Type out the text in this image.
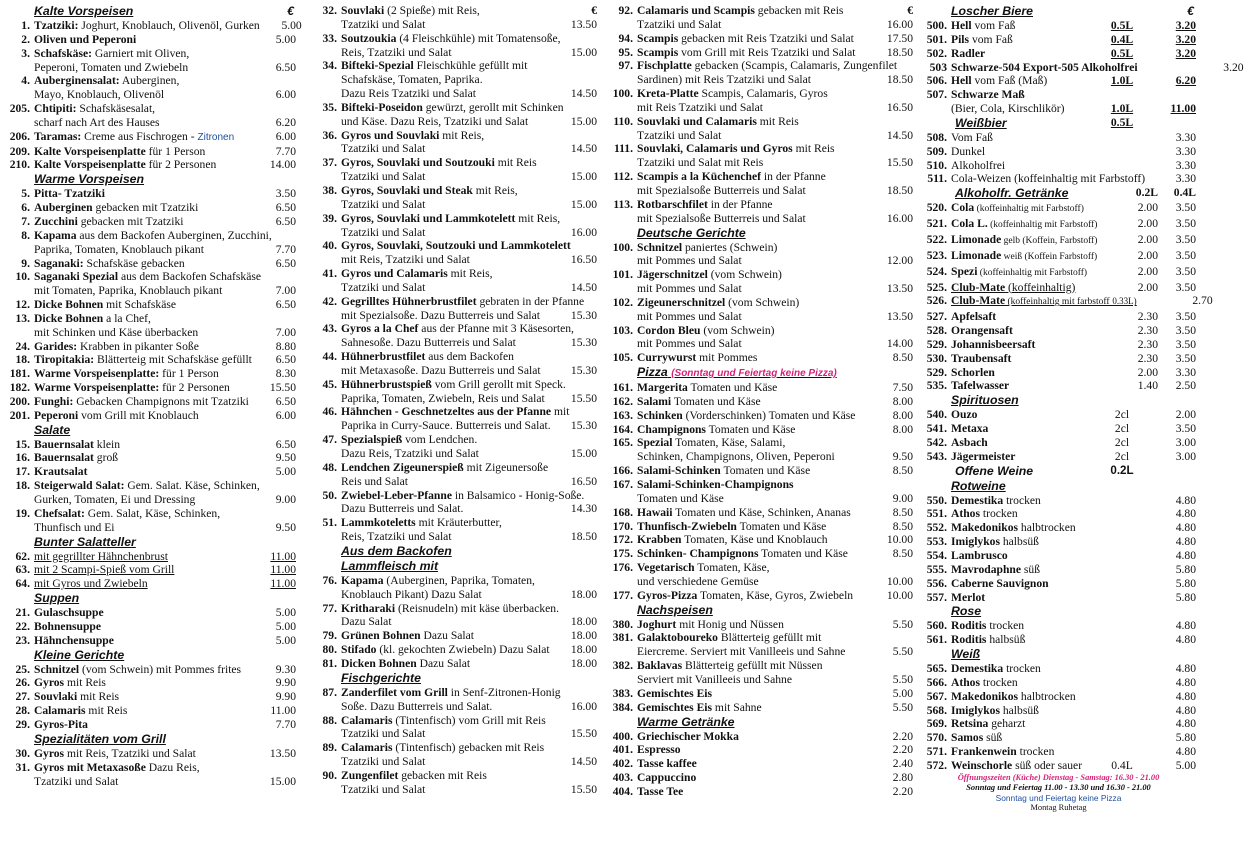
Kalte Vorspeisen	€
1. Tzatziki: Joghurt, Knoblauch, Olivenöl, Gurken	5.00
2. Oliven und Peperoni	5.00
3. Schafskäse: Garniert mit Oliven,
Peperoni, Tomaten und Zwiebeln	6.50
4. Auberginensalat: Auberginen,
Mayo, Knoblauch, Olivenöl	6.00
205. Chtipiti: Schafskäsesalat,
scharf nach Art des Hauses	6.20
206. Taramas: Creme aus Fischrogen - Zitronen	6.00
209. Kalte Vorspeisenplatte für 1 Person	7.70
210. Kalte Vorspeisenplatte für 2 Personen	14.00
Warme Vorspeisen
5. Pitta- Tzatziki	3.50
6. Auberginen gebacken mit Tzatziki	6.50
7. Zucchini gebacken mit Tzatziki	6.50
8. Kapama aus dem Backofen Auberginen, Zucchini,
Paprika, Tomaten, Knoblauch pikant	7.70
9. Saganaki: Schafskäse gebacken	6.50
10. Saganaki Spezial aus dem Backofen Schafskäse
mit Tomaten, Paprika, Knoblauch pikant	7.00
12. Dicke Bohnen mit Schafskäse	6.50
13. Dicke Bohnen a la Chef,
mit Schinken und Käse überbacken	7.00
24. Garides: Krabben in pikanter Soße	8.80
18. Tiropitakia: Blätterteig mit Schafskäse gefüllt	6.50
181. Warme Vorspeisenplatte: für 1 Person	8.30
182. Warme Vorspeisenplatte: für 2 Personen	15.50
200. Funghi: Gebacken Champignons mit Tzatziki	6.50
201. Peperoni vom Grill mit Knoblauch	6.00
Salate
15. Bauernsalat klein	6.50
16. Bauernsalat groß	9.50
17. Krautsalat	5.00
18. Steigerwald Salat: Gem. Salat. Käse, Schinken,
Gurken, Tomaten, Ei und Dressing	9.00
19. Chefsalat: Gem. Salat, Käse, Schinken,
Thunfisch und Ei	9.50
Bunter Salatteller
62. mit gegrillter Hähnchenbrust	11.00
63. mit 2 Scampi-Spieß vom Grill	11.00
64. mit Gyros und Zwiebeln	11.00
Suppen
21. Gulaschsuppe	5.00
22. Bohnensuppe	5.00
23. Hähnchensuppe	5.00
Kleine Gerichte
25. Schnitzel (vom Schwein) mit Pommes frites	9.30
26. Gyros mit Reis	9.90
27. Souvlaki mit Reis	9.90
28. Calamaris mit Reis	11.00
29. Gyros-Pita	7.70
Spezialitäten vom Grill
30. Gyros mit Reis, Tzatziki und Salat	13.50
31. Gyros mit Metaxasoße Dazu Reis,
Tzatziki und Salat	15.00
32. Souvlaki (2 Spieße) mit Reis,	€
Tzatziki und Salat	13.50
33. Soutzoukia (4 Fleischkühle) mit Tomatensoße,
Reis, Tzatziki und Salat	15.00
34. Bifteki-Spezial Fleischkühle gefüllt mit
Schafskäse, Tomaten, Paprika.
Dazu Reis Tzatziki und Salat	14.50
35. Bifteki-Poseidon gewürzt, gerollt mit Schinken
und Käse. Dazu Reis, Tzatziki und Salat	15.00
36. Gyros und Souvlaki mit Reis,
Tzatziki und Salat	14.50
37. Gyros, Souvlaki und Soutzouki mit Reis
Tzatziki und Salat	15.00
38. Gyros, Souvlaki und Steak mit Reis,
Tzatziki und Salat	15.00
39. Gyros, Souvlaki und Lammkotelett mit Reis,
Tzatziki und Salat	16.00
40. Gyros, Souvlaki, Soutzouki und Lammkotelett
mit Reis, Tzatziki und Salat	16.50
41. Gyros und Calamaris mit Reis,
Tzatziki und Salat	14.50
42. Gegrilltes Hühnerbrustfilet gebraten in der Pfanne
mit Spezialsoße. Dazu Butterreis und Salat	15.30
43. Gyros a la Chef aus der Pfanne mit 3 Käsesorten,
Sahnesoße. Dazu Butterreis und Salat	15.30
44. Hühnerbrustfilet aus dem Backofen
mit Metaxasoße. Dazu Butterreis und Salat	15.30
45. Hühnerbrustspieß vom Grill gerollt mit Speck.
Paprika, Tomaten, Zwiebeln, Reis und Salat	15.50
46. Hähnchen - Geschnetzeltes aus der Pfanne mit
Paprika in Curry-Sauce. Butterreis und Salat.	15.30
47. Spezialspieß vom Lendchen.
Dazu Reis, Tzatziki und Salat	15.00
48. Lendchen Zigeunerspieß mit Zigeunersoße
Reis und Salat	16.50
50. Zwiebel-Leber-Pfanne in Balsamico - Honig-Soße.
Dazu Butterreis und Salat.	14.30
51. Lammkoteletts mit Kräuterbutter,
Reis, Tzatziki und Salat	18.50
Aus dem Backofen
Lammfleisch mit
76. Kapama (Auberginen, Paprika, Tomaten,
Knoblauch Pikant) Dazu Salat	18.00
77. Kritharaki (Reisnudeln) mit käse überbacken.
Dazu Salat	18.00
79. Grünen Bohnen Dazu Salat	18.00
80. Stifado (kl. gekochten Zwiebeln) Dazu Salat	18.00
81. Dicken Bohnen Dazu Salat	18.00
Fischgerichte
87. Zanderfilet vom Grill in Senf-Zitronen-Honig
Soße. Dazu Butterreis und Salat.	16.00
88. Calamaris (Tintenfisch) vom Grill mit Reis
Tzatziki und Salat	15.50
89. Calamaris (Tintenfisch) gebacken mit Reis
Tzatziki und Salat	14.50
90. Zungenfilet gebacken mit Reis
Tzatziki und Salat	15.50
92. Calamaris und Scampis gebacken mit Reis	€
Tzatziki und Salat	16.00
94. Scampis gebacken mit Reis Tzatziki und Salat	17.50
95. Scampis vom Grill mit Reis Tzatziki und Salat	18.50
97. Fischplatte gebacken (Scampis, Calamaris, Zungenfilet
Sardinen) mit Reis Tzatziki und Salat	18.50
100. Kreta-Platte Scampis, Calamaris, Gyros
mit Reis Tzatziki und Salat	16.50
110. Souvlaki und Calamaris mit Reis
Tzatziki und Salat	14.50
111. Souvlaki, Calamaris und Gyros mit Reis
Tzatziki und Salat mit Reis	15.50
112. Scampis a la Küchenchef in der Pfanne
mit Spezialsoße Butterreis und Salat	18.50
113. Rotbarschfilet in der Pfanne
mit Spezialsoße Butterreis und Salat	16.00
Deutsche Gerichte
100. Schnitzel paniertes (Schwein)
mit Pommes und Salat	12.00
101. Jägerschnitzel (vom Schwein)
mit Pommes und Salat	13.50
102. Zigeunerschnitzel (vom Schwein)
mit Pommes und Salat	13.50
103. Cordon Bleu (vom Schwein)
mit Pommes und Salat	14.00
105. Currywurst mit Pommes	8.50
Pizza (Sonntag und Feiertag keine Pizza)
161. Margerita Tomaten und Käse	7.50
162. Salami Tomaten und Käse	8.00
163. Schinken (Vorderschinken) Tomaten und Käse	8.00
164. Champignons Tomaten und Käse	8.00
165. Spezial Tomaten, Käse, Salami,
Schinken, Champignons, Oliven, Peperoni	9.50
166. Salami-Schinken Tomaten und Käse	8.50
167. Salami-Schinken-Champignons
Tomaten und Käse	9.00
168. Hawaii Tomaten und Käse, Schinken, Ananas	8.50
170. Thunfisch-Zwiebeln Tomaten und Käse	8.50
172. Krabben Tomaten, Käse und Knoblauch	10.00
175. Schinken- Champignons Tomaten und Käse	8.50
176. Vegetarisch Tomaten, Käse,
und verschiedene Gemüse	10.00
177. Gyros-Pizza Tomaten, Käse, Gyros, Zwiebeln	10.00
Nachspeisen
380. Joghurt mit Honig und Nüssen	5.50
381. Galaktoboureko Blätterteig gefüllt mit
Eiercreme. Serviert mit Vanilleeis und Sahne	5.50
382. Baklavas Blätterteig gefüllt mit Nüssen
Serviert mit Vanilleeis und Sahne	5.50
383. Gemischtes Eis	5.00
384. Gemischtes Eis mit Sahne	5.50
Warme Getränke
400. Griechischer Mokka	2.20
401. Espresso	2.20
402. Tasse kaffee	2.40
403. Cappuccino	2.80
404. Tasse Tee	2.20
Loscher Biere	€
500. Hell vom Faß	0.5L	3.20
501. Pils vom Faß	0.4L	3.20
502. Radler	0.5L	3.20
503 Schwarze-504 Export-505 Alkoholfrei	3.20
506. Hell vom Faß (Maß)	1.0L	6.20
507. Schwarze Maß
(Bier, Cola, Kirschlikör)	1.0L	11.00
Weißbier	0.5L
508. Vom Faß	3.30
509. Dunkel	3.30
510. Alkoholfrei	3.30
511. Cola-Weizen (koffeinhaltig mit Farbstoff)	3.30
Alkoholfr. Getränke	0.2L	0.4L
520. Cola (koffeinhaltig mit Farbstoff)	2.00	3.50
521. Cola L. (koffeinhaltig mit Farbstoff)	2.00	3.50
522. Limonade gelb (Koffein, Farbstoff)	2.00	3.50
523. Limonade weiß (Koffein Farbstoff)	2.00	3.50
524. Spezi (koffeinhaltig mit Farbstoff)	2.00	3.50
525. Club-Mate (koffeinhaltig)	2.00	3.50
526. Club-Mate (koffeinhaltig mit farbstoff 0.33L)	2.70
527. Apfelsaft	2.30	3.50
528. Orangensaft	2.30	3.50
529. Johannisbeersaft	2.30	3.50
530. Traubensaft	2.30	3.50
529. Schorlen	2.00	3.30
535. Tafelwasser	1.40	2.50
Spirituosen
540. Ouzo	2cl	2.00
541. Metaxa	2cl	3.50
542. Asbach	2cl	3.00
543. Jägermeister	2cl	3.00
Offene Weine	0.2L
Rotweine
550. Demestika trocken	4.80
551. Athos trocken	4.80
552. Makedonikos halbtrocken	4.80
553. Imiglykos halbsüß	4.80
554. Lambrusco	4.80
555. Mavrodaphne süß	5.80
556. Caberne Sauvignon	5.80
557. Merlot	5.80
Rose
560. Roditis trocken	4.80
561. Roditis halbsüß	4.80
Weiß
565. Demestika trocken	4.80
566. Athos trocken	4.80
567. Makedonikos halbtrocken	4.80
568. Imiglykos halbsüß	4.80
569. Retsina geharzt	4.80
570. Samos süß	5.80
571. Frankenwein trocken	4.80
572. Weinschorle süß oder sauer	0.4L	5.00
Öffnungszeiten (Küche) Dienstag - Samstag: 16.30 - 21.00
Sonntag und Feiertag 11.00 - 13.30 und 16.30 - 21.00
Sonntag und Feiertag keine Pizza
Montag Ruhetag
